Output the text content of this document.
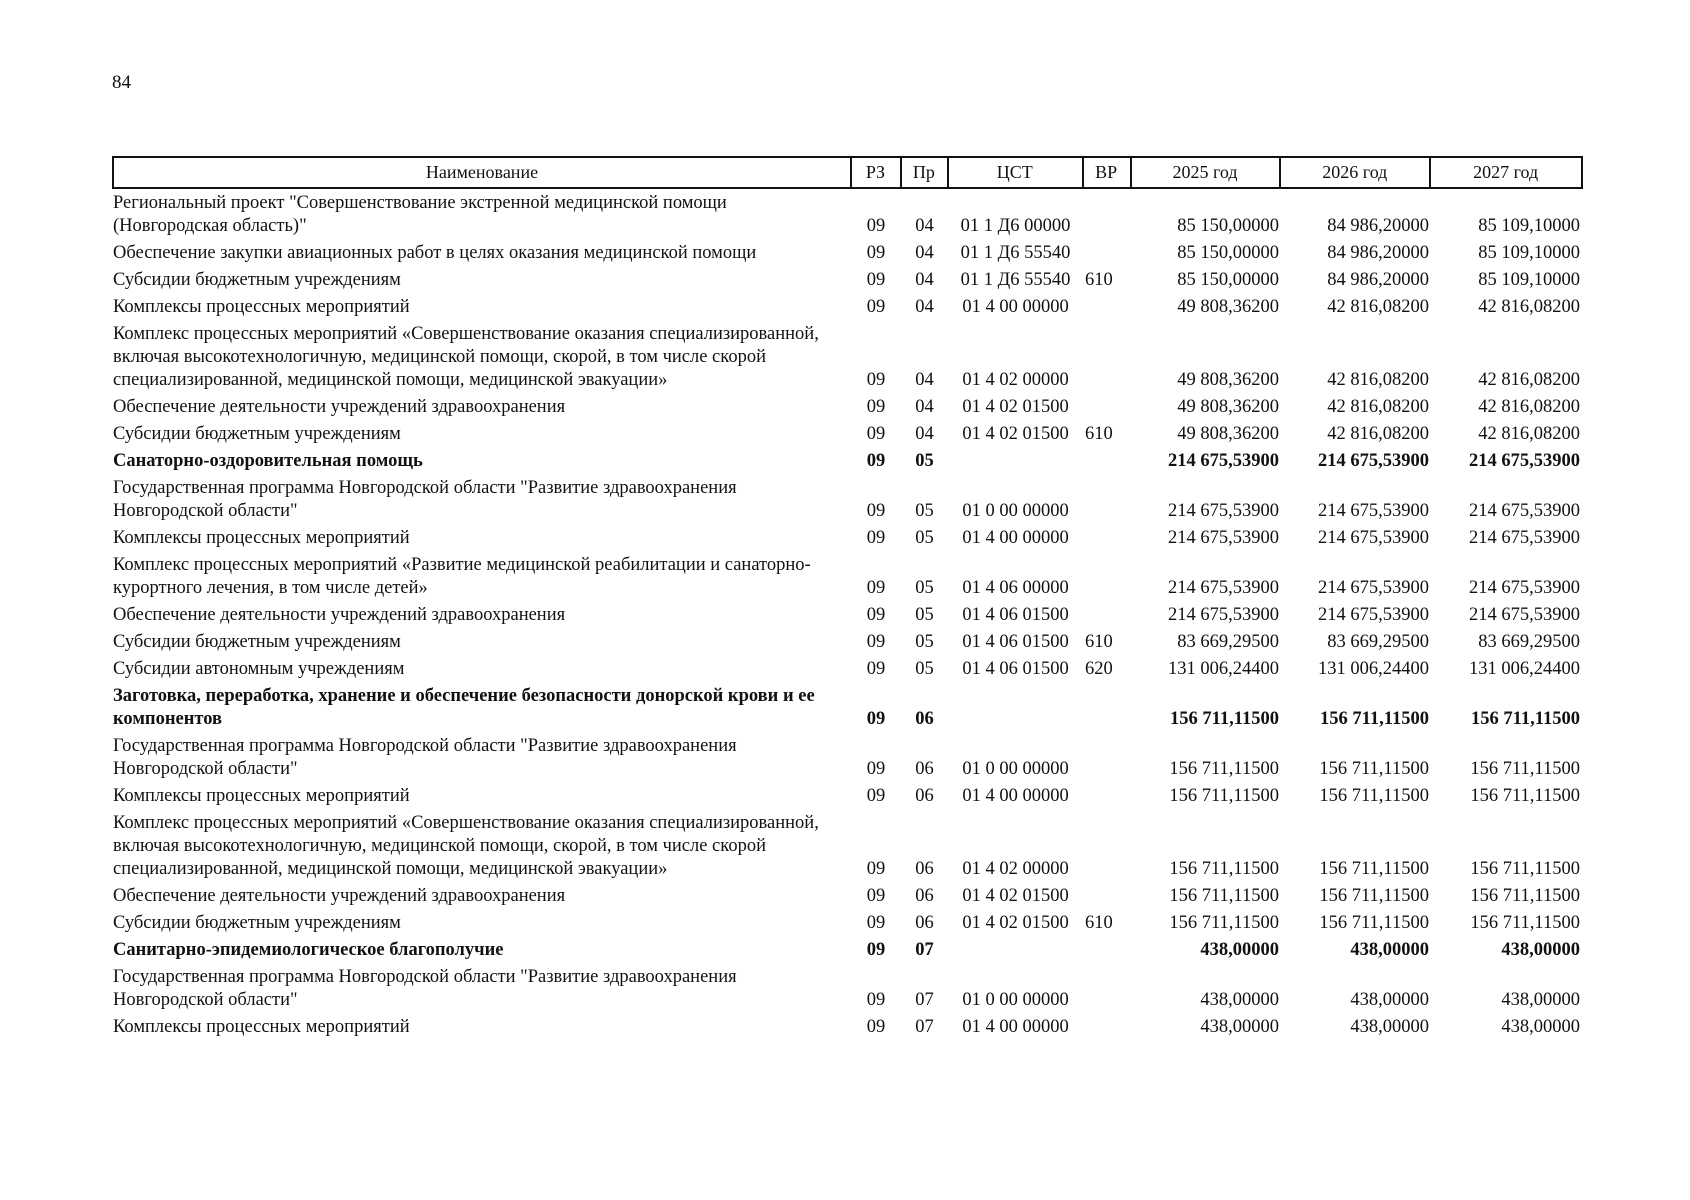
84
Наименование	РЗ	Пр	ЦСТ	ВР	2025 год	2026 год	2027 год
Региональный проект "Совершенствование экстренной медицинской помощи (Новгородская область)"	09	04	01 1 Д6 00000	85 150,00000	84 986,20000	85 109,10000
Обеспечение закупки авиационных работ в целях оказания медицинской помощи	09	04	01 1 Д6 55540	85 150,00000	84 986,20000	85 109,10000
Субсидии бюджетным учреждениям	09	04	01 1 Д6 55540 610	85 150,00000	84 986,20000	85 109,10000
Комплексы процессных мероприятий	09	04	01 4 00 00000	49 808,36200	42 816,08200	42 816,08200
Комплекс процессных мероприятий «Совершенствование оказания специализированной, включая высокотехнологичную, медицинской помощи, скорой, в том числе скорой специализированной, медицинской помощи, медицинской эвакуации»	09	04	01 4 02 00000	49 808,36200	42 816,08200	42 816,08200
Обеспечение деятельности учреждений здравоохранения	09	04	01 4 02 01500	49 808,36200	42 816,08200	42 816,08200
Субсидии бюджетным учреждениям	09	04	01 4 02 01500 610	49 808,36200	42 816,08200	42 816,08200
Санаторно-оздоровительная помощь	09	05	214 675,53900	214 675,53900	214 675,53900
Государственная программа Новгородской области "Развитие здравоохранения Новгородской области"	09	05	01 0 00 00000	214 675,53900	214 675,53900	214 675,53900
Комплексы процессных мероприятий	09	05	01 4 00 00000	214 675,53900	214 675,53900	214 675,53900
Комплекс процессных мероприятий «Развитие медицинской реабилитации и санаторно-курортного лечения, в том числе детей»	09	05	01 4 06 00000	214 675,53900	214 675,53900	214 675,53900
Обеспечение деятельности учреждений здравоохранения	09	05	01 4 06 01500	214 675,53900	214 675,53900	214 675,53900
Субсидии бюджетным учреждениям	09	05	01 4 06 01500 610	83 669,29500	83 669,29500	83 669,29500
Субсидии автономным учреждениям	09	05	01 4 06 01500 620	131 006,24400	131 006,24400	131 006,24400
Заготовка, переработка, хранение и обеспечение безопасности донорской крови и ее компонентов	09	06	156 711,11500	156 711,11500	156 711,11500
Государственная программа Новгородской области "Развитие здравоохранения Новгородской области"	09	06	01 0 00 00000	156 711,11500	156 711,11500	156 711,11500
Комплексы процессных мероприятий	09	06	01 4 00 00000	156 711,11500	156 711,11500	156 711,11500
Комплекс процессных мероприятий «Совершенствование оказания специализированной, включая высокотехнологичную, медицинской помощи, скорой, в том числе скорой специализированной, медицинской помощи, медицинской эвакуации»	09	06	01 4 02 00000	156 711,11500	156 711,11500	156 711,11500
Обеспечение деятельности учреждений здравоохранения	09	06	01 4 02 01500	156 711,11500	156 711,11500	156 711,11500
Субсидии бюджетным учреждениям	09	06	01 4 02 01500 610	156 711,11500	156 711,11500	156 711,11500
Санитарно-эпидемиологическое благополучие	09	07	438,00000	438,00000	438,00000
Государственная программа Новгородской области "Развитие здравоохранения Новгородской области"	09	07	01 0 00 00000	438,00000	438,00000	438,00000
Комплексы процессных мероприятий	09	07	01 4 00 00000	438,00000	438,00000	438,00000
